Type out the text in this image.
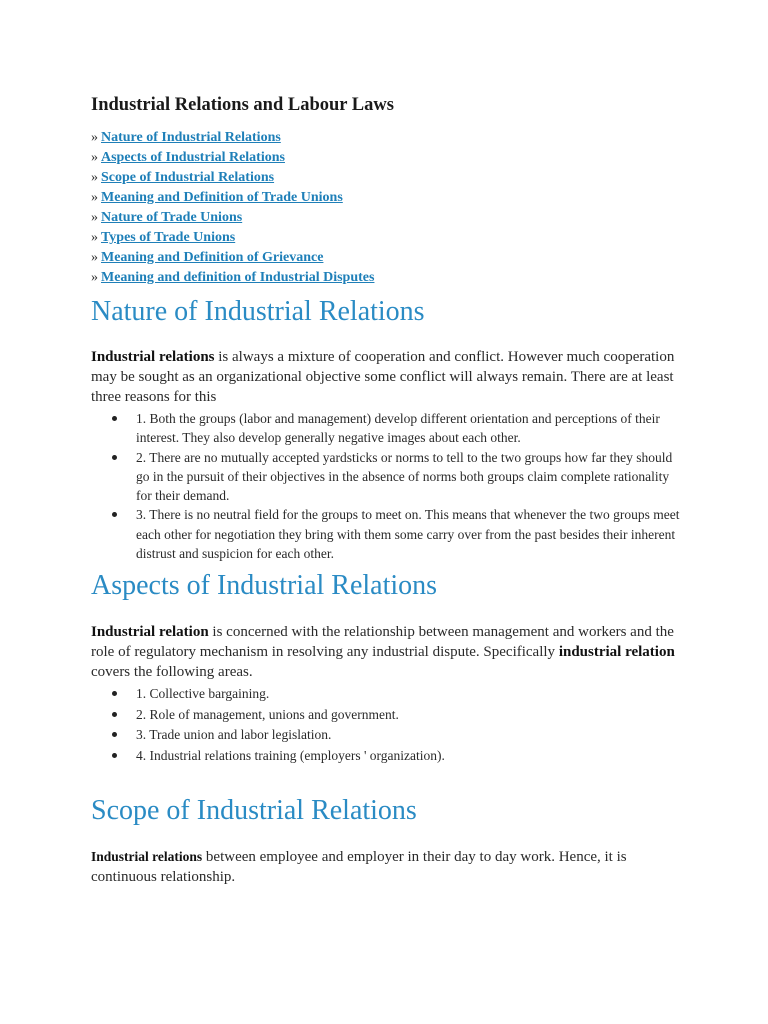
Industrial Relations and Labour Laws
» Nature of Industrial Relations
» Aspects of Industrial Relations
» Scope of Industrial Relations
» Meaning and Definition of Trade Unions
» Nature of Trade Unions
» Types of Trade Unions
» Meaning and Definition of Grievance
» Meaning and definition of Industrial Disputes
Nature of Industrial Relations

Industrial relations is always a mixture of cooperation and conflict. However much cooperation may be sought as an organizational objective some conflict will always remain. There are at least three reasons for this

1. Both the groups (labor and management) develop different orientation and perceptions of their interest. They also develop generally negative images about each other.
2. There are no mutually accepted yardsticks or norms to tell to the two groups how far they should go in the pursuit of their objectives in the absence of norms both groups claim complete rationality for their demand.
3. There is no neutral field for the groups to meet on. This means that whenever the two groups meet each other for negotiation they bring with them some carry over from the past besides their inherent distrust and suspicion for each other.
Aspects of Industrial Relations

Industrial relation is concerned with the relationship between management and workers and the role of regulatory mechanism in resolving any industrial dispute. Specifically industrial relation covers the following areas.

1. Collective bargaining.
2. Role of management, unions and government.
3. Trade union and labor legislation.
4. Industrial relations training (employers ' organization).
Scope of Industrial Relations

Industrial relations between employee and employer in their day to day work. Hence, it is continuous relationship.
